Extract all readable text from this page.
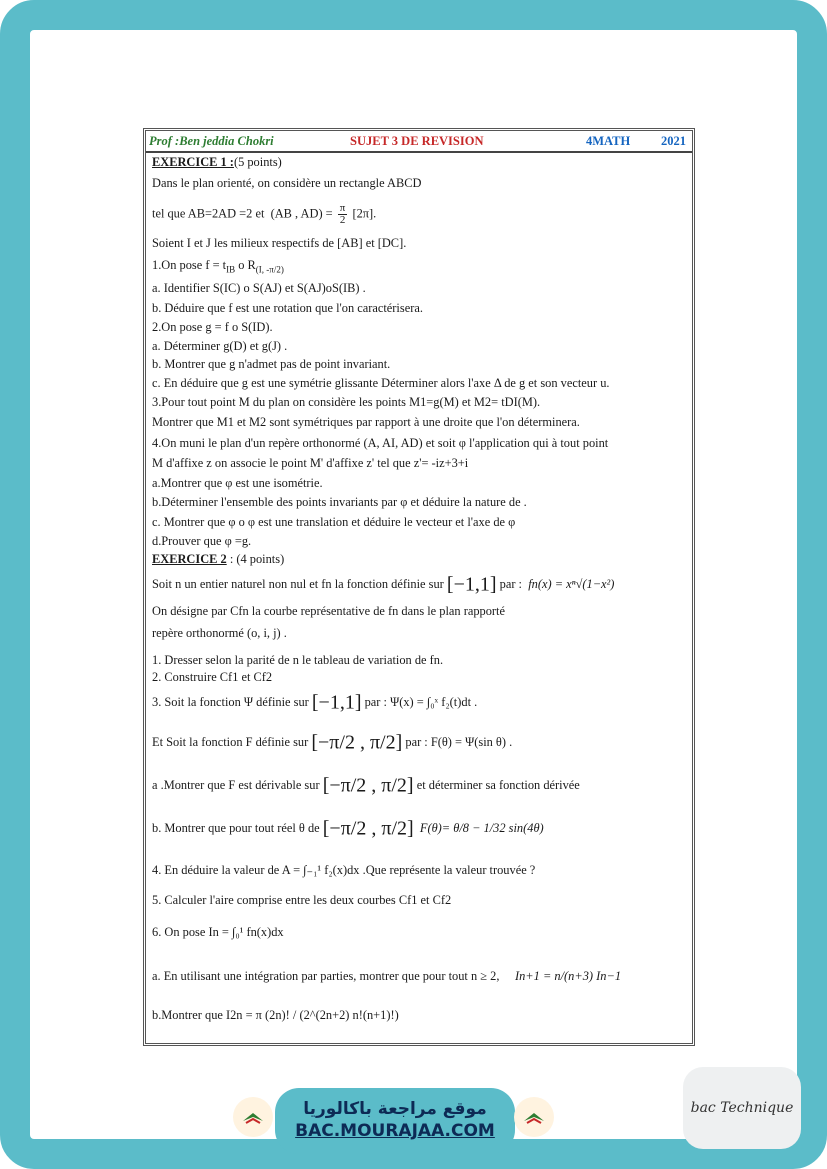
Prof :Ben jeddia Chokri	SUJET 3 DE REVISION	4MATH 2021
EXERCICE 1 :(5 points)
Dans le plan orienté, on considère un rectangle ABCD
tel que AB=2AD =2 et (AB , $AD) = \frac{\pi}{2} [2\pi]$.
Soient I et J les milieux respectifs de [AB] et [DC].
1.On pose $f = t_{IB}$ o $R_{(I, -\pi/2)}$
a. Identifier S(IC) o S(AJ) et S(AJ)oS(IB) .
b. Déduire que f est une rotation que l'on caractérisera.
2.On pose g = f o S(ID).
a. Déterminer g(D) et g(J) .
b. Montrer que g n'admet pas de point invariant.
c. En déduire que g est une symétrie glissante Déterminer alors l'axe Δ de g et son vecteur u.
3.Pour tout point M du plan on considère les points M1=g(M) et M2= tDI(M).
Montrer que M1 et M2 sont symétriques par rapport à une droite que l'on déterminera.
4.On muni le plan d'un repère orthonormé (A, AI, AD) et soit φ l'application qui à tout point
M d'affixe z on associe le point M' d'affixe z' tel que z'= -iz+3+i
a.Montrer que φ est une isométrie.
b.Déterminer l'ensemble des points invariants par φ et déduire la nature de .
c. Montrer que φ o φ est une translation et déduire le vecteur et l'axe de φ
d.Prouver que φ =g.
EXERCICE 2 : (4 points)
Soit n un entier naturel non nul et fn la fonction définie sur [−1,1] par : fn(x) = xⁿ√(1−x²)
On désigne par Cfn la courbe représentative de fn dans le plan rapporté
repère orthonormé (o, i, j) .
1. Dresser selon la parité de n le tableau de variation de fn.
2. Construire Cf1 et Cf2
3. Soit la fonction Ψ définie sur [−1,1] par : Ψ(x) = ∫₀ˣ f₂(t)dt .
Et Soit la fonction F définie sur [−π/2 , π/2] par : F(θ) = Ψ(sin θ) .
a .Montrer que F est dérivable sur [−π/2 , π/2] et déterminer sa fonction dérivée
b. Montrer que pour tout réel θ de [−π/2 , π/2] F(θ)= θ/8 − 1/32 sin(4θ)
4. En déduire la valeur de A = ∫₋₁¹ f₂(x)dx .Que représente la valeur trouvée ?
5. Calculer l'aire comprise entre les deux courbes Cf1 et Cf2
6. On pose In = ∫₀¹ fn(x)dx
a. En utilisant une intégration par parties, montrer que pour tout n ≥ 2, In+1 = n/(n+3) In−1
b.Montrer que I2n = π (2n)! / (2^(2n+2) n!(n+1)!)
موقع مراجعة باكالوريا
BAC.MOURAJAA.COM
bac Technique
